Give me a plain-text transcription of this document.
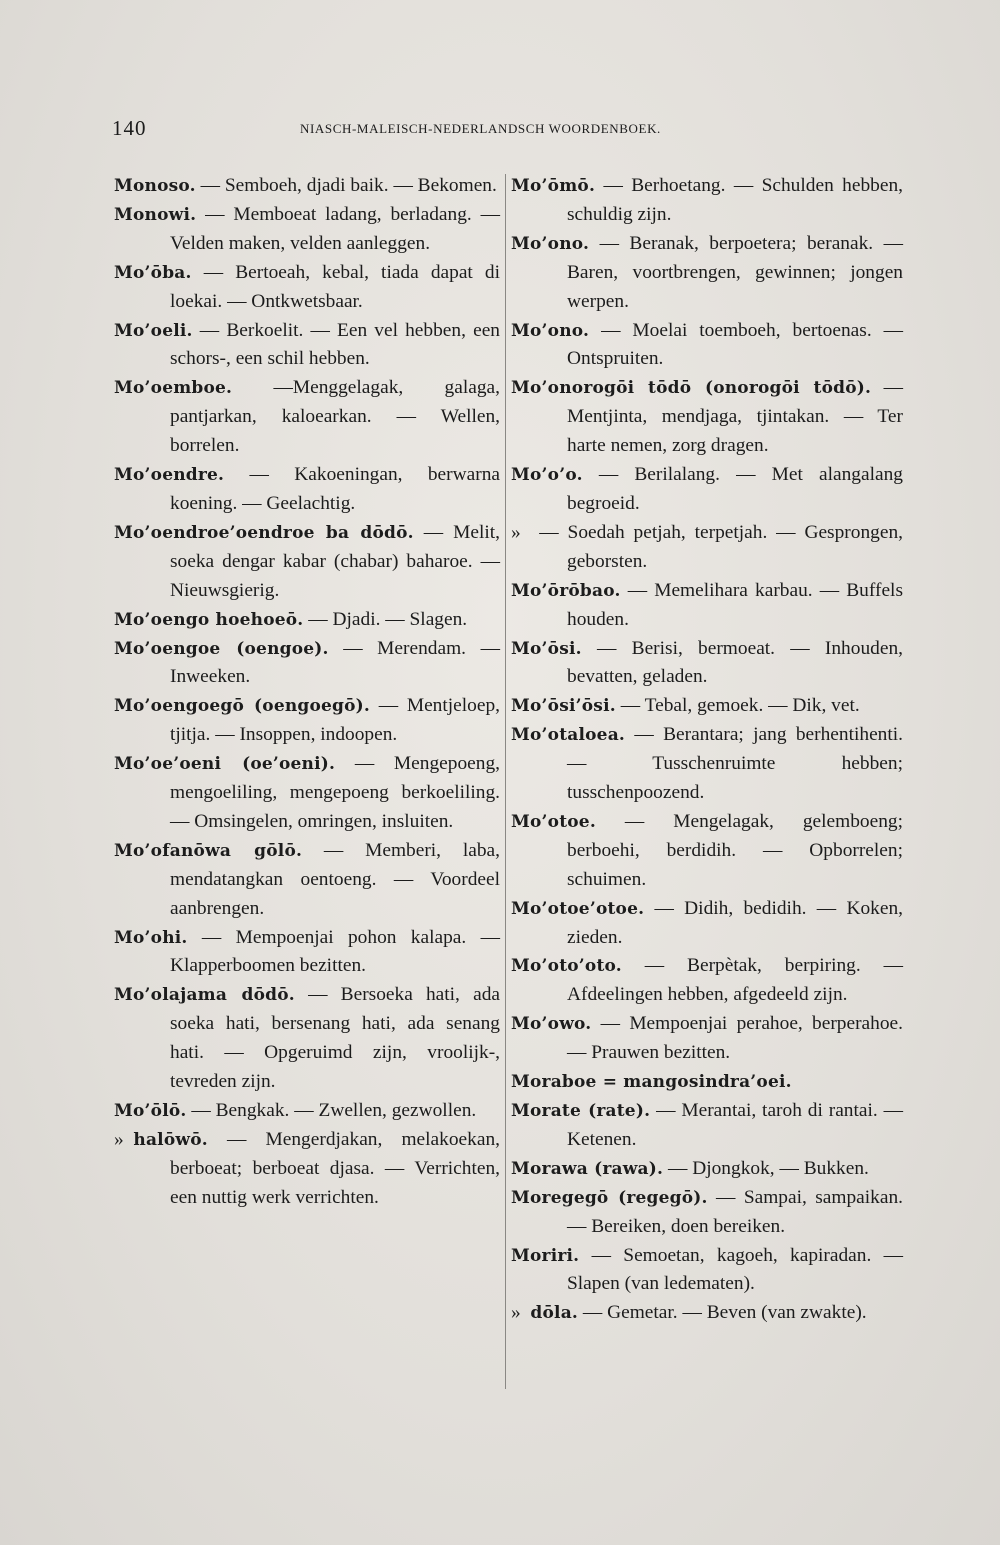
140	NIASCH-MALEISCH-NEDERLANDSCH WOORDENBOEK.

Monoso. — Semboeh, djadi baik. — Bekomen.

Monowi. — Memboeat ladang, berladang. — Velden maken, velden aanleggen.

Mo’ōba. — Bertoeah, kebal, tiada dapat di loekai. — Ontkwetsbaar.

Mo’oeli. — Berkoelit. — Een vel hebben, een schors-, een schil hebben.

Mo’oemboe. —Menggelagak, galaga, pantjarkan, kaloearkan. — Wellen, borrelen.

Mo’oendre. — Kakoeningan, berwarna koening. — Geelachtig.

Mo’oendroe’oendroe ba dōdō. — Melit, soeka dengar kabar (chabar) baharoe. — Nieuwsgierig.

Mo’oengo hoehoeō. — Djadi. — Slagen.

Mo’oengoe (oengoe). — Merendam. — Inweeken.

Mo’oengoegō (oengoegō). — Mentjeloep, tjitja. — Insoppen, indoopen.

Mo’oe’oeni (oe’oeni). — Mengepoeng, mengoeliling, mengepoeng berkoeliling. — Omsingelen, omringen, insluiten.

Mo’ofanōwa gōlō. — Memberi, laba, mendatangkan oentoeng. — Voordeel aanbrengen.

Mo’ohi. — Mempoenjai pohon kalapa. — Klapperboomen bezitten.

Mo’olajama dōdō. — Bersoeka hati, ada soeka hati, bersenang hati, ada senang hati. — Opgeruimd zijn, vroolijk-, tevreden zijn.

Mo’ōlō. — Bengkak. — Zwellen, gezwollen.

»  halōwō. — Mengerdjakan, melakoekan, berboeat; berboeat djasa. — Verrichten, een nuttig werk verrichten.

Mo’ōmō. — Berhoetang. — Schulden hebben, schuldig zijn.

Mo’ono. — Beranak, berpoetera; beranak. — Baren, voortbrengen, gewinnen; jongen werpen.

Mo’ono. — Moelai toemboeh, bertoenas. — Ontspruiten.

Mo’onorogōi tōdō (onorogōi tōdō). — Mentjinta, mendjaga, tjintakan. — Ter harte nemen, zorg dragen.

Mo’o’o. — Berilalang. — Met alangalang begroeid.

»  — Soedah petjah, terpetjah. — Gesprongen, geborsten.

Mo’ōrōbao. — Memelihara karbau. — Buffels houden.

Mo’ōsi. — Berisi, bermoeat. — Inhouden, bevatten, geladen.

Mo’ōsi’ōsi. — Tebal, gemoek. — Dik, vet.

Mo’otaloea. — Berantara; jang berhentihenti. — Tusschenruimte hebben; tusschenpoozend.

Mo’otoe. — Mengelagak, gelemboeng; berboehi, berdidih. — Opborrelen; schuimen.

Mo’otoe’otoe. — Didih, bedidih. — Koken, zieden.

Mo’oto’oto. — Berpètak, berpiring. — Afdeelingen hebben, afgedeeld zijn.

Mo’owo. — Mempoenjai perahoe, berperahoe. — Prauwen bezitten.

Moraboe = mangosindra’oei.

Morate (rate). — Merantai, taroh di rantai. — Ketenen.

Morawa (rawa). — Djongkok, — Bukken.

Moregegō (regegō). — Sampai, sampaikan. — Bereiken, doen bereiken.

Moriri. — Semoetan, kagoeh, kapiradan. — Slapen (van ledematen).

»  dōla. — Gemetar. — Beven (van zwakte).
